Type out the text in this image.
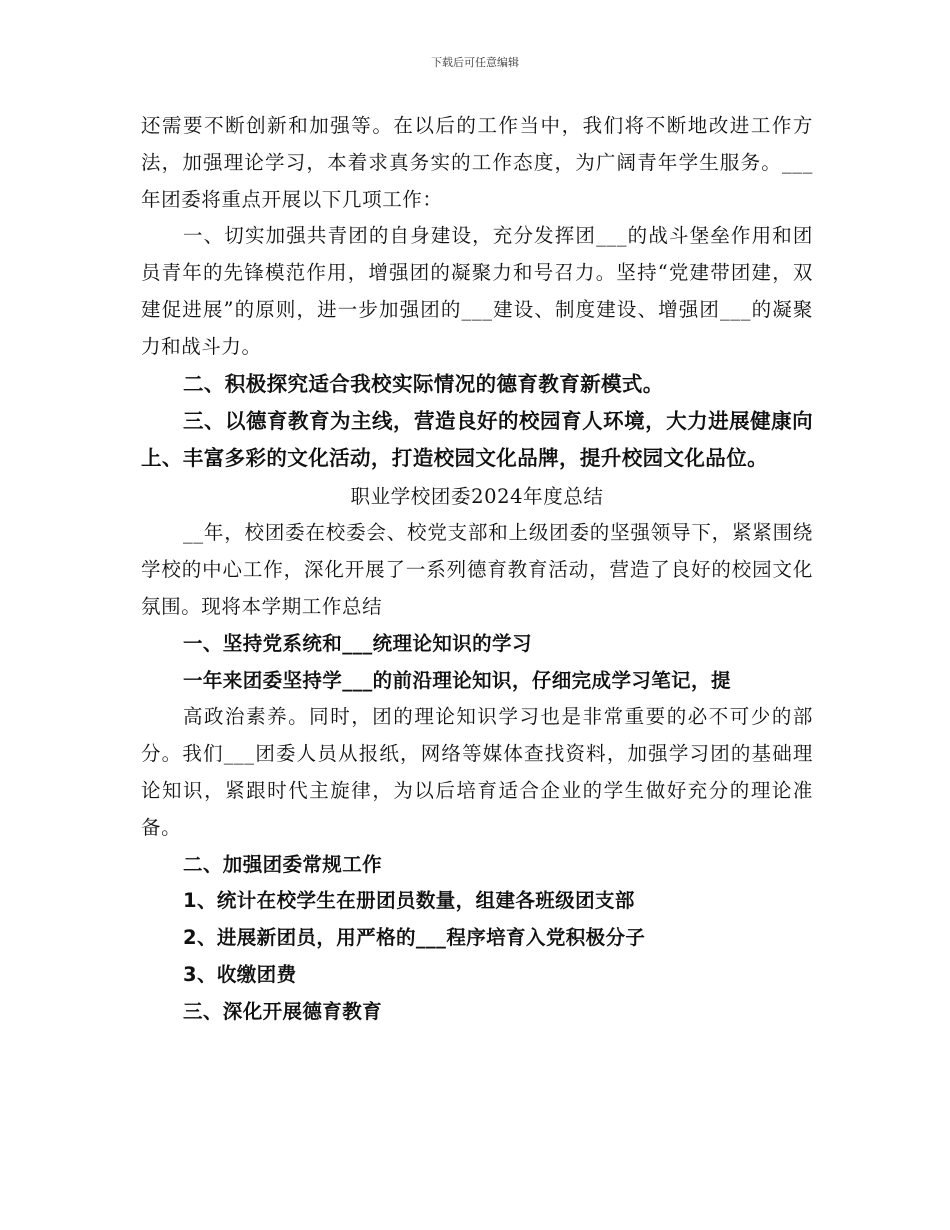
下载后可任意编辑

还需要不断创新和加强等。在以后的工作当中，我们将不断地改进工作方法，加强理论学习，本着求真务实的工作态度，为广阔青年学生服务。___年团委将重点开展以下几项工作：

一、切实加强共青团的自身建设，充分发挥团___的战斗堡垒作用和团员青年的先锋模范作用，增强团的凝聚力和号召力。坚持“党建带团建，双建促进展”的原则，进一步加强团的___建设、制度建设、增强团___的凝聚力和战斗力。

二、积极探究适合我校实际情况的德育教育新模式。

三、以德育教育为主线，营造良好的校园育人环境，大力进展健康向上、丰富多彩的文化活动，打造校园文化品牌，提升校园文化品位。

职业学校团委2024年度总结

__年，校团委在校委会、校党支部和上级团委的坚强领导下，紧紧围绕学校的中心工作，深化开展了一系列德育教育活动，营造了良好的校园文化氛围。现将本学期工作总结

一、坚持党系统和___统理论知识的学习

一年来团委坚持学___的前沿理论知识，仔细完成学习笔记，提

高政治素养。同时，团的理论知识学习也是非常重要的必不可少的部分。我们___团委人员从报纸，网络等媒体查找资料，加强学习团的基础理论知识，紧跟时代主旋律，为以后培育适合企业的学生做好充分的理论准备。

二、加强团委常规工作

1、统计在校学生在册团员数量，组建各班级团支部

2、进展新团员，用严格的___程序培育入党积极分子

3、收缴团费

三、深化开展德育教育
